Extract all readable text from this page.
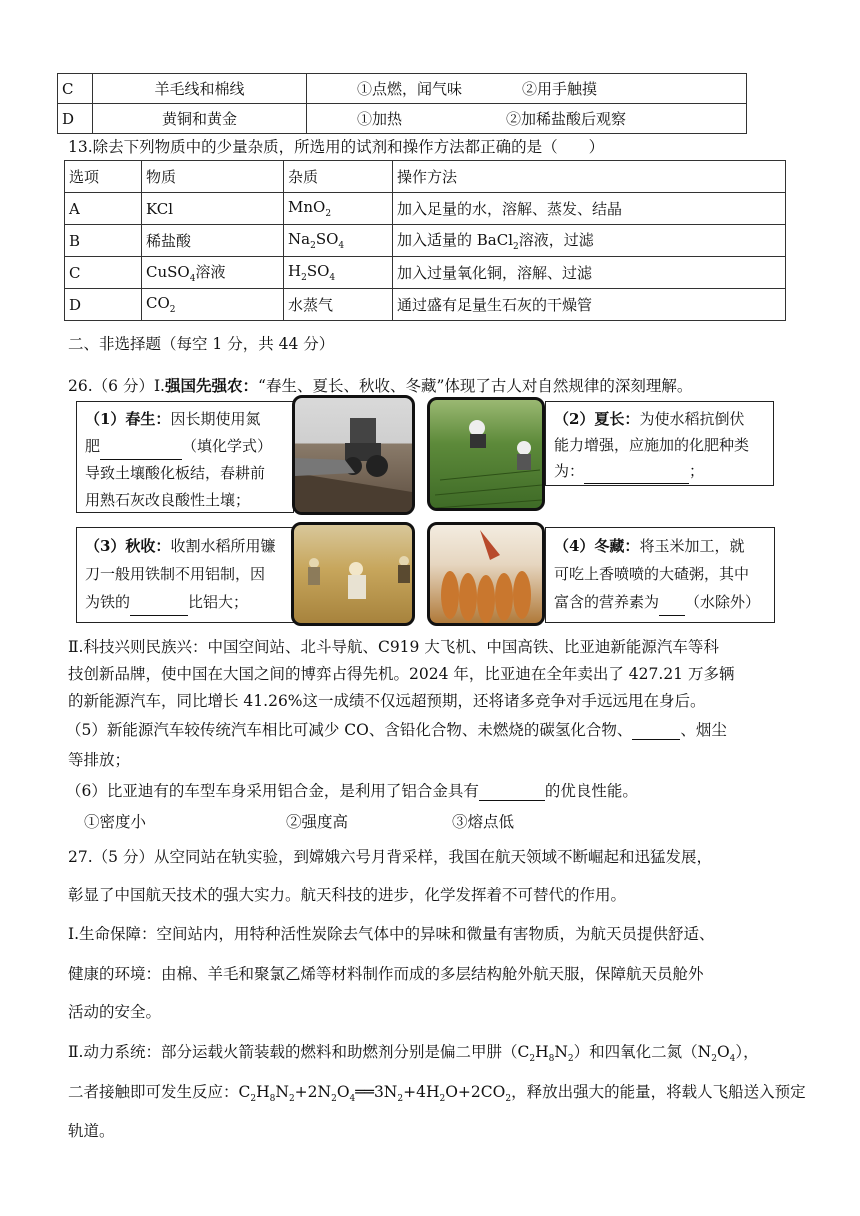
C	羊毛线和棉线	①点燃，闻气味 ②用手触摸
D	黄铜和黄金	①加热 ②加稀盐酸后观察
13.除去下列物质中的少量杂质，所选用的试剂和操作方法都正确的是（　　）
选项	物质	杂质	操作方法
A	KCl	MnO$_2$	加入足量的水，溶解、蒸发、结晶
B	稀盐酸	$Na_2SO_4$	加入适量的 BaCl$_2$溶液，过滤
C	CuSO$_4$溶液	$H_2SO_4$	加入过量氧化铜，溶解、过滤
D	$CO_2$	水蒸气	通过盛有足量生石灰的干燥管
二、非选择题（每空 1 分，共 44 分）
26.（6 分）Ⅰ.强国先强农：“春生、夏长、秋收、冬藏”体现了古人对自然规律的深刻理解。
（1）春生：因长期使用氮
肥	（填化学式）
导致土壤酸化板结，春耕前
用熟石灰改良酸性土壤；
（2）夏长：为使水稻抗倒伏
能力增强，应施加的化肥种类
为：	；
（3）秋收：收割水稻所用镰
刀一般用铁制不用铝制，因
为铁的	比铝大；
（4）冬藏：将玉米加工，就
可吃上香喷喷的大碴粥，其中
富含的营养素为 （水除外）
Ⅱ.科技兴则民族兴：中国空间站、北斗导航、C919 大飞机、中国高铁、比亚迪新能源汽车等科
技创新品牌，使中国在大国之间的博弈占得先机。2024 年，比亚迪在全年卖出了 427.21 万多辆
的新能源汽车，同比增长 41.26%这一成绩不仅远超预期，还将诸多竞争对手远远甩在身后。
（5）新能源汽车较传统汽车相比可减少 CO、含铅化合物、未燃烧的碳氢化合物、	、烟尘
等排放；
（6）比亚迪有的车型车身采用铝合金，是利用了铝合金具有	的优良性能。
①密度小	②强度高	③熔点低
27.（5 分）从空同站在轨实验，到嫦娥六号月背采样，我国在航天领域不断崛起和迅猛发展，
彰显了中国航天技术的强大实力。航天科技的进步，化学发挥着不可替代的作用。
Ⅰ.生命保障：空间站内，用特种活性炭除去气体中的异味和微量有害物质，为航天员提供舒适、
健康的环境：由棉、羊毛和聚氯乙烯等材料制作而成的多层结构舱外航天服，保障航天员舱外
活动的安全。
Ⅱ.动力系统：部分运载火箭装载的燃料和助燃剂分别是偏二甲肼$(C_2H_8N_2)$和四氧化二氮$(N_2O_4)$，
二者接触即可发生反应：$C_2H_8N_2+2N_2O_4══3N_2+4H_2O+2CO_2$，释放出强大的能量，将载人飞船送入预定
轨道。
